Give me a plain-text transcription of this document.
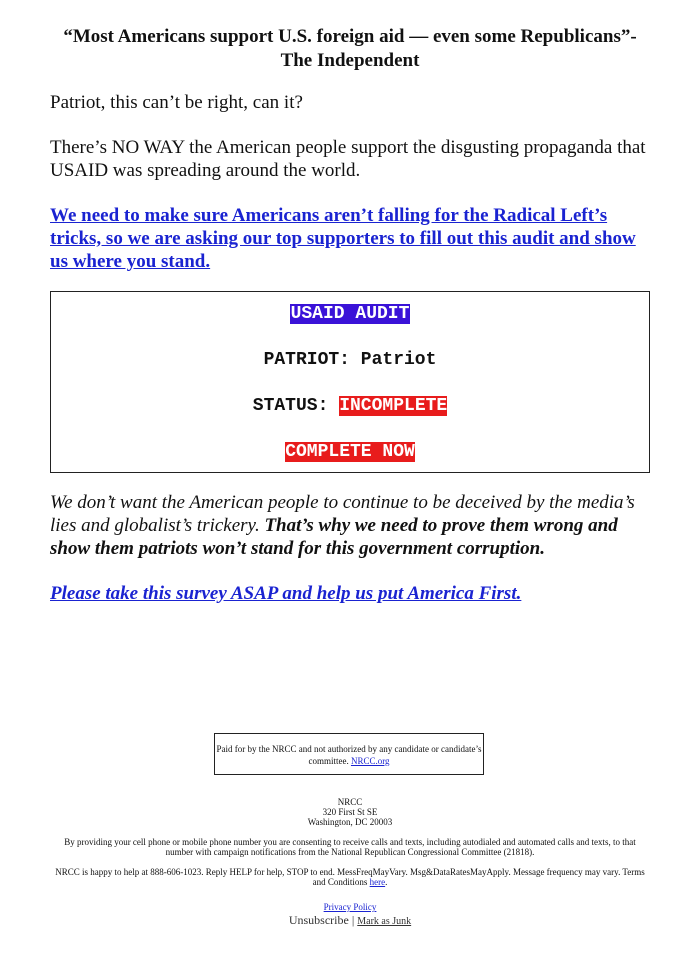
“Most Americans support U.S. foreign aid — even some Republicans”- The Independent

Patriot, this can’t be right, can it?

There’s NO WAY the American people support the disgusting propaganda that USAID was spreading around the world.

We need to make sure Americans aren’t falling for the Radical Left’s tricks, so we are asking our top supporters to fill out this audit and show us where you stand.

USAID AUDIT
PATRIOT: Patriot
STATUS: INCOMPLETE
COMPLETE NOW

We don’t want the American people to continue to be deceived by the media’s lies and globalist’s trickery. That’s why we need to prove them wrong and show them patriots won’t stand for this government corruption.

Please take this survey ASAP and help us put America First.

Paid for by the NRCC and not authorized by any candidate or candidate’s committee. NRCC.org
NRCC
320 First St SE
Washington, DC 20003
By providing your cell phone or mobile phone number you are consenting to receive calls and texts, including autodialed and automated calls and texts, to that number with campaign notifications from the National Republican Congressional Committee (21818).
NRCC is happy to help at 888-606-1023. Reply HELP for help, STOP to end. MessFreqMayVary. Msg&DataRatesMayApply. Message frequency may vary. Terms and Conditions here.
Privacy Policy
Unsubscribe | Mark as Junk
